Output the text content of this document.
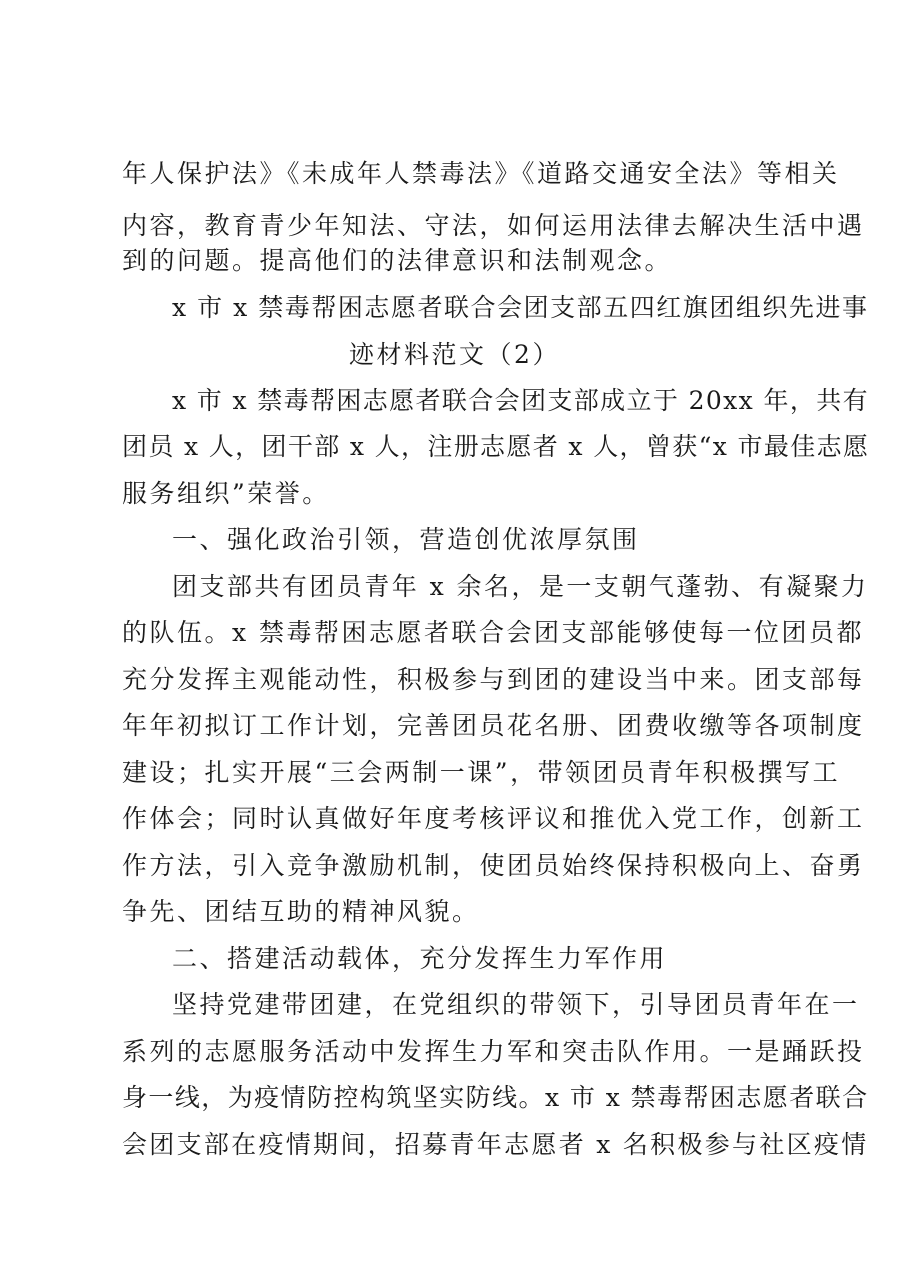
年人保护法》《未成年人禁毒法》《道路交通安全法》等相关
内容，教育青少年知法、守法，如何运用法律去解决生活中遇
到的问题。提高他们的法律意识和法制观念。
x 市 x 禁毒帮困志愿者联合会团支部五四红旗团组织先进事
迹材料范文（2）
x 市 x 禁毒帮困志愿者联合会团支部成立于 20xx 年，共有
团员 x 人，团干部 x 人，注册志愿者 x 人，曾获“x 市最佳志愿
服务组织”荣誉。
一、强化政治引领，营造创优浓厚氛围
团支部共有团员青年 x 余名，是一支朝气蓬勃、有凝聚力
的队伍。x 禁毒帮困志愿者联合会团支部能够使每一位团员都
充分发挥主观能动性，积极参与到团的建设当中来。团支部每
年年初拟订工作计划，完善团员花名册、团费收缴等各项制度
建设；扎实开展“三会两制一课”，带领团员青年积极撰写工
作体会；同时认真做好年度考核评议和推优入党工作，创新工
作方法，引入竞争激励机制，使团员始终保持积极向上、奋勇
争先、团结互助的精神风貌。
二、搭建活动载体，充分发挥生力军作用
坚持党建带团建，在党组织的带领下，引导团员青年在一
系列的志愿服务活动中发挥生力军和突击队作用。一是踊跃投
身一线，为疫情防控构筑坚实防线。x 市 x 禁毒帮困志愿者联合
会团支部在疫情期间，招募青年志愿者 x 名积极参与社区疫情
